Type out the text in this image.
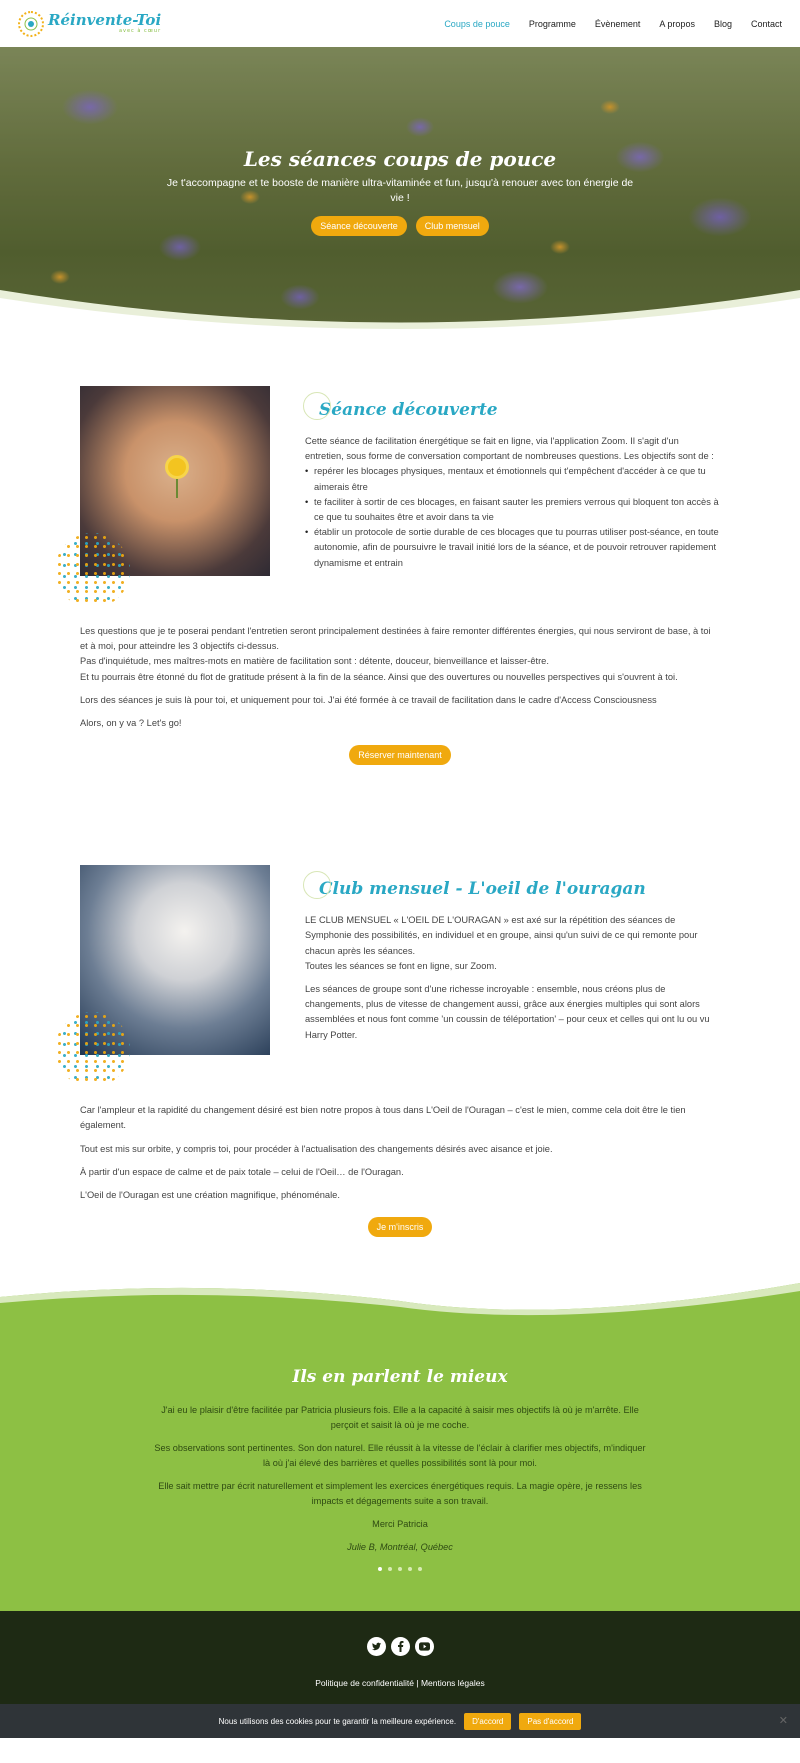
Réinvente-Toi
avec à cœur
Coups de pouce Programme Évènement A propos Blog Contact
Les séances coups de pouce

Je t'accompagne et te booste de manière ultra-vitaminée et fun, jusqu'à renouer avec ton énergie de vie !

Séance découverte	Club mensuel
Séance découverte

Cette séance de facilitation énergétique se fait en ligne, via l'application Zoom. Il s'agit d'un entretien, sous forme de conversation comportant de nombreuses questions. Les objectifs sont de :

• repérer les blocages physiques, mentaux et émotionnels qui t'empêchent d'accéder à ce que tu aimerais être
• te faciliter à sortir de ces blocages, en faisant sauter les premiers verrous qui bloquent ton accès à ce que tu souhaites être et avoir dans ta vie
• établir un protocole de sortie durable de ces blocages que tu pourras utiliser post-séance, en toute autonomie, afin de poursuivre le travail initié lors de la séance, et de pouvoir retrouver rapidement dynamisme et entrain

Les questions que je te poserai pendant l'entretien seront principalement destinées à faire remonter différentes énergies, qui nous serviront de base, à toi et à moi, pour atteindre les 3 objectifs ci-dessus.

Pas d'inquiétude, mes maîtres-mots en matière de facilitation sont : détente, douceur, bienveillance et laisser-être.

Et tu pourrais être étonné du flot de gratitude présent à la fin de la séance. Ainsi que des ouvertures ou nouvelles perspectives qui s'ouvrent à toi.

Lors des séances je suis là pour toi, et uniquement pour toi. J'ai été formée à ce travail de facilitation dans le cadre d'Access Consciousness

Alors, on y va ? Let's go!

Réserver maintenant
Club mensuel - L'oeil de l'ouragan

LE CLUB MENSUEL « L'OEIL DE L'OURAGAN » est axé sur la répétition des séances de Symphonie des possibilités, en individuel et en groupe, ainsi qu'un suivi de ce qui remonte pour chacun après les séances.

Toutes les séances se font en ligne, sur Zoom.

Les séances de groupe sont d'une richesse incroyable : ensemble, nous créons plus de changements, plus de vitesse de changement aussi, grâce aux énergies multiples qui sont alors assemblées et nous font comme 'un coussin de téléportation' – pour ceux et celles qui ont lu ou vu Harry Potter.

Car l'ampleur et la rapidité du changement désiré est bien notre propos à tous dans L'Oeil de l'Ouragan – c'est le mien, comme cela doit être le tien également.

Tout est mis sur orbite, y compris toi, pour procéder à l'actualisation des changements désirés avec aisance et joie.

À partir d'un espace de calme et de paix totale – celui de l'Oeil… de l'Ouragan.

L'Oeil de l'Ouragan est une création magnifique, phénoménale.

Je m'inscris
Ils en parlent le mieux

J'ai eu le plaisir d'être facilitée par Patricia plusieurs fois. Elle a la capacité à saisir mes objectifs là où je m'arrête. Elle perçoit et saisit là où je me coche.

Ses observations sont pertinentes. Son don naturel. Elle réussit à la vitesse de l'éclair à clarifier mes objectifs, m'indiquer là où j'ai élevé des barrières et quelles possibilités sont là pour moi.

Elle sait mettre par écrit naturellement et simplement les exercices énergétiques requis. La magie opère, je ressens les impacts et dégagements suite a son travail.

Merci Patricia

Julie B, Montréal, Québec

Politique de confidentialité | Mentions légales
Nous utilisons des cookies pour te garantir la meilleure expérience.	D'accord	Pas d'accord	✕
